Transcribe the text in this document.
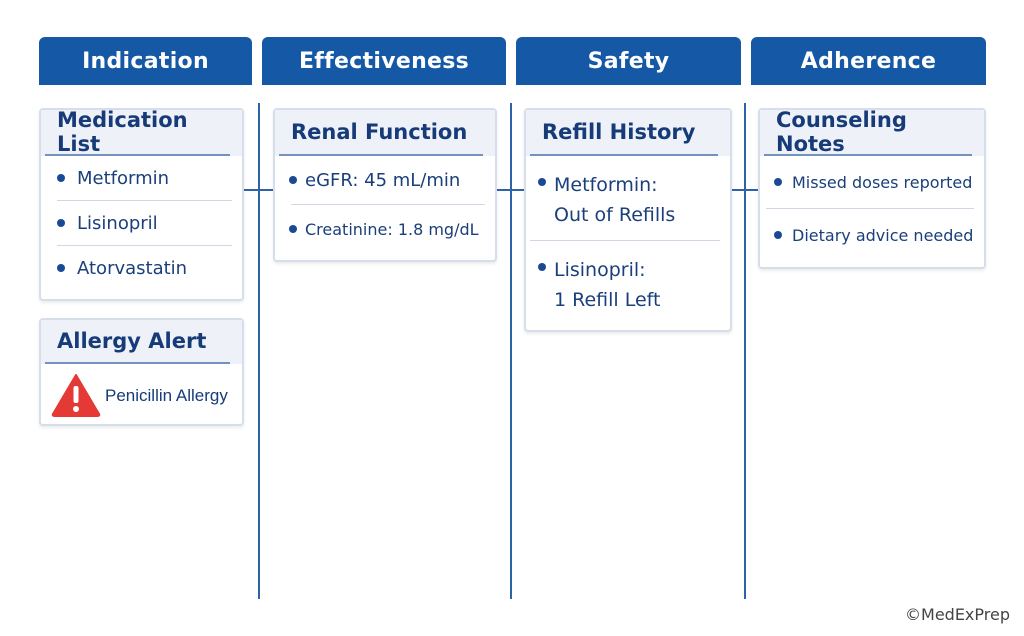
Indication	Effectiveness	Safety	Adherence
Medication List
Metformin
Lisinopril
Atorvastatin
Allergy Alert
Penicillin Allergy
Renal Function
eGFR: 45 mL/min
Creatinine: 1.8 mg/dL
Refill History
Metformin:
Out of Refills
Lisinopril:
1 Refill Left
Counseling Notes
Missed doses reported
Dietary advice needed
©MedExPrep
